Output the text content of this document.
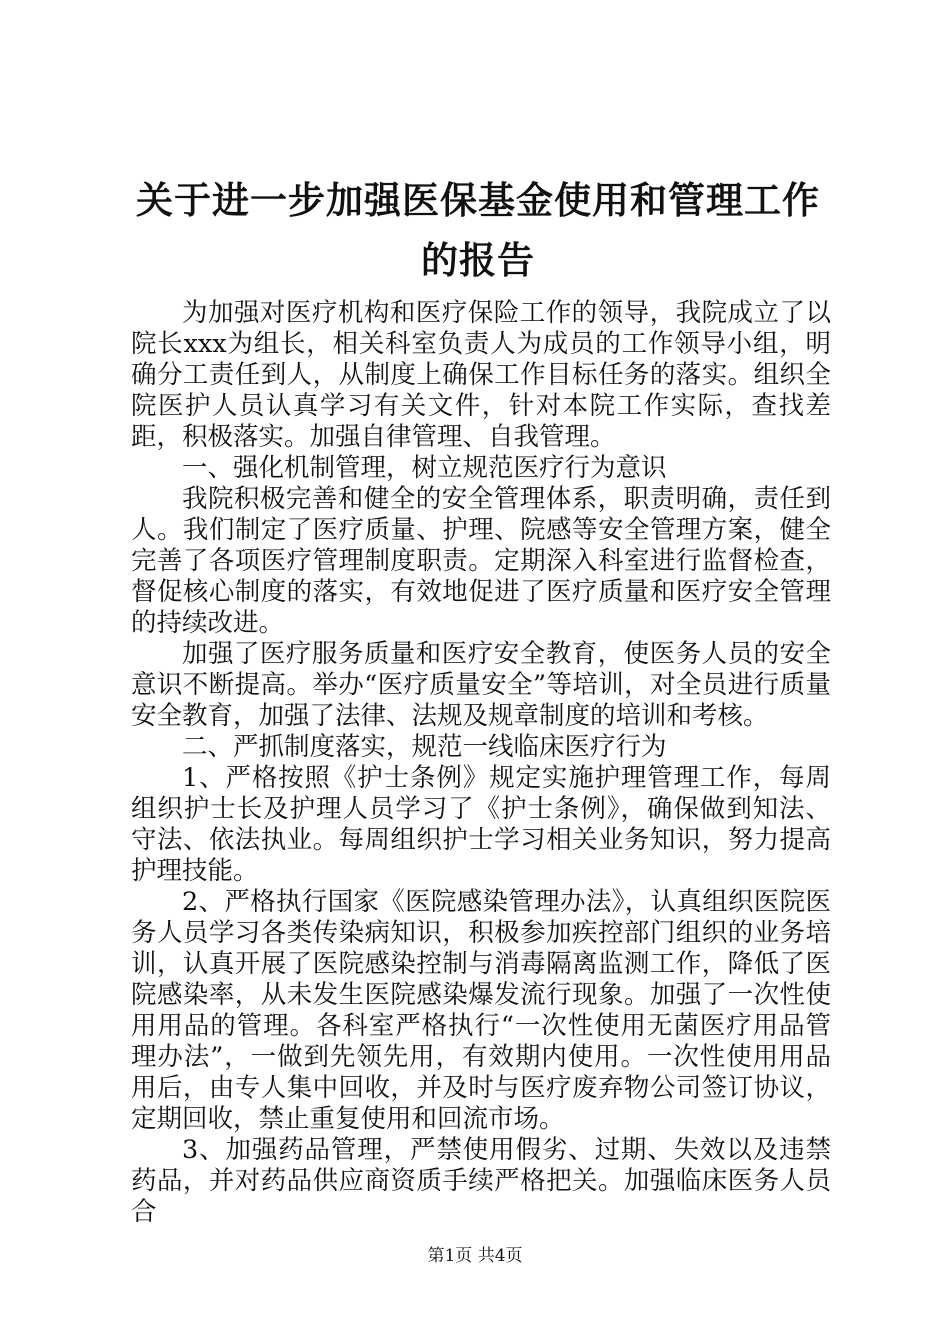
关于进一步加强医保基金使用和管理工作的报告

为加强对医疗机构和医疗保险工作的领导，我院成立了以院长xxx为组长，相关科室负责人为成员的工作领导小组，明确分工责任到人，从制度上确保工作目标任务的落实。组织全院医护人员认真学习有关文件，针对本院工作实际，查找差距，积极落实。加强自律管理、自我管理。

一、强化机制管理，树立规范医疗行为意识

我院积极完善和健全的安全管理体系，职责明确，责任到人。我们制定了医疗质量、护理、院感等安全管理方案，健全完善了各项医疗管理制度职责。定期深入科室进行监督检查，督促核心制度的落实，有效地促进了医疗质量和医疗安全管理的持续改进。

加强了医疗服务质量和医疗安全教育，使医务人员的安全意识不断提高。举办“医疗质量安全”等培训，对全员进行质量安全教育，加强了法律、法规及规章制度的培训和考核。

二、严抓制度落实，规范一线临床医疗行为

1、严格按照《护士条例》规定实施护理管理工作，每周组织护士长及护理人员学习了《护士条例》，确保做到知法、守法、依法执业。每周组织护士学习相关业务知识，努力提高护理技能。

2、严格执行国家《医院感染管理办法》，认真组织医院医务人员学习各类传染病知识，积极参加疾控部门组织的业务培训，认真开展了医院感染控制与消毒隔离监测工作，降低了医院感染率，从未发生医院感染爆发流行现象。加强了一次性使用用品的管理。各科室严格执行“一次性使用无菌医疗用品管理办法”，一做到先领先用，有效期内使用。一次性使用用品用后，由专人集中回收，并及时与医疗废弃物公司签订协议，定期回收，禁止重复使用和回流市场。

3、加强药品管理，严禁使用假劣、过期、失效以及违禁药品，并对药品供应商资质手续严格把关。加强临床医务人员合

第1页 共4页
